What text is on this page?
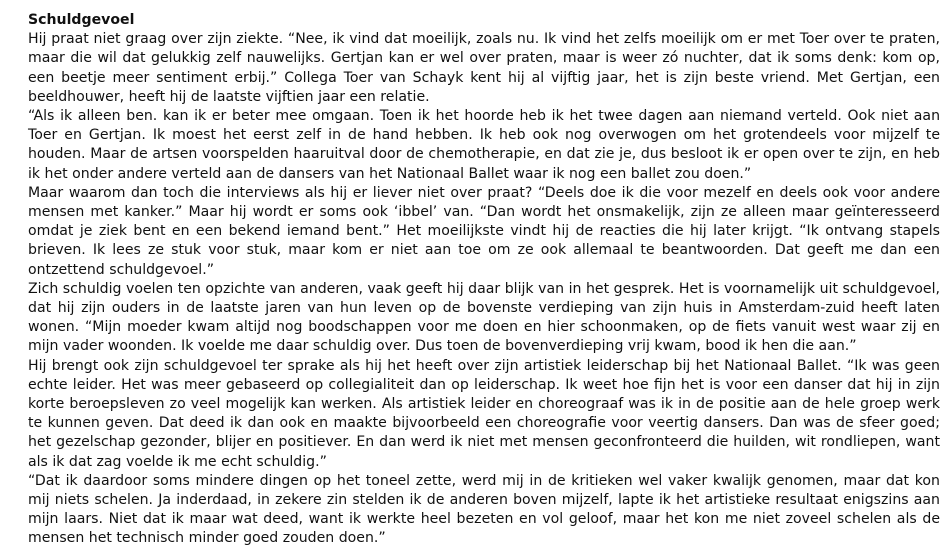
Schuldgevoel

Hij praat niet graag over zijn ziekte. “Nee, ik vind dat moeilijk, zoals nu. Ik vind het zelfs moeilijk om er met Toer over te praten, maar die wil dat gelukkig zelf nauwelijks. Gertjan kan er wel over praten, maar is weer zó nuchter, dat ik soms denk: kom op, een beetje meer sentiment erbij.” Collega Toer van Schayk kent hij al vijftig jaar, het is zijn beste vriend. Met Gertjan, een beeldhouwer, heeft hij de laatste vijftien jaar een relatie.

“Als ik alleen ben. kan ik er beter mee omgaan. Toen ik het hoorde heb ik het twee dagen aan niemand verteld. Ook niet aan Toer en Gertjan. Ik moest het eerst zelf in de hand hebben. Ik heb ook nog overwogen om het grotendeels voor mijzelf te houden. Maar de artsen voorspelden haaruitval door de chemotherapie, en dat zie je, dus besloot ik er open over te zijn, en heb ik het onder andere verteld aan de dansers van het Nationaal Ballet waar ik nog een ballet zou doen.”

Maar waarom dan toch die interviews als hij er liever niet over praat? “Deels doe ik die voor mezelf en deels ook voor andere mensen met kanker.” Maar hij wordt er soms ook ‘ibbel’ van. “Dan wordt het onsmakelijk, zijn ze alleen maar geïnteresseerd omdat je ziek bent en een bekend iemand bent.” Het moeilijkste vindt hij de reacties die hij later krijgt. “Ik ontvang stapels brieven. Ik lees ze stuk voor stuk, maar kom er niet aan toe om ze ook allemaal te beantwoorden. Dat geeft me dan een ontzettend schuldgevoel.”

Zich schuldig voelen ten opzichte van anderen, vaak geeft hij daar blijk van in het gesprek. Het is voornamelijk uit schuldgevoel, dat hij zijn ouders in de laatste jaren van hun leven op de bovenste verdieping van zijn huis in Amsterdam-zuid heeft laten wonen. “Mijn moeder kwam altijd nog boodschappen voor me doen en hier schoonmaken, op de fiets vanuit west waar zij en mijn vader woonden. Ik voelde me daar schuldig over. Dus toen de bovenverdieping vrij kwam, bood ik hen die aan.”

Hij brengt ook zijn schuldgevoel ter sprake als hij het heeft over zijn artistiek leiderschap bij het Nationaal Ballet. “Ik was geen echte leider. Het was meer gebaseerd op collegialiteit dan op leiderschap. Ik weet hoe fijn het is voor een danser dat hij in zijn korte beroepsleven zo veel mogelijk kan werken. Als artistiek leider en choreograaf was ik in de positie aan de hele groep werk te kunnen geven. Dat deed ik dan ook en maakte bijvoorbeeld een choreografie voor veertig dansers. Dan was de sfeer goed; het gezelschap gezonder, blijer en positiever. En dan werd ik niet met mensen geconfronteerd die huilden, wit rondliepen, want als ik dat zag voelde ik me echt schuldig.”

“Dat ik daardoor soms mindere dingen op het toneel zette, werd mij in de kritieken wel vaker kwalijk genomen, maar dat kon mij niets schelen. Ja inderdaad, in zekere zin stelden ik de anderen boven mijzelf, lapte ik het artistieke resultaat enigszins aan mijn laars. Niet dat ik maar wat deed, want ik werkte heel bezeten en vol geloof, maar het kon me niet zoveel schelen als de mensen het technisch minder goed zouden doen.”
